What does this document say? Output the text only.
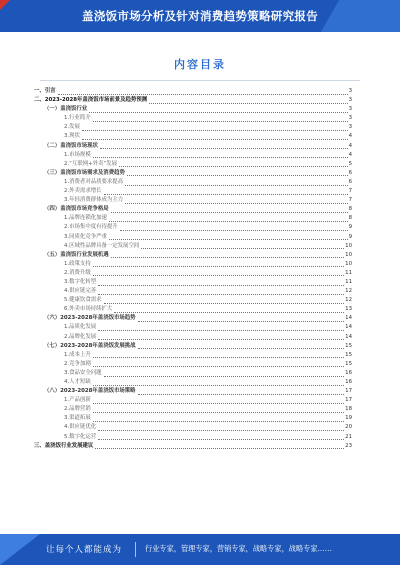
盖浇饭市场分析及针对消费趋势策略研究报告
内容目录
一、引言	3
二、2023-2028年盖浇饭市场前景及趋势预测	3
（一）盖浇饭行业	3
1.行业简介	3
2.发展	3
3.现状	4
（二）盖浇饭市场现状	4
1.市场规模	4
2.“互联网+外卖”发展	5
（三）盖浇饭市场需求及消费趋势	6
1.消费者对品质要求提高	6
2.外卖需求增长	7
3.年轻消费群体成为主力	7
（四）盖浇饭市场竞争格局	8
1.品牌连锁化加速	8
2.市场集中度有待提升	9
3.同质化竞争严重	9
4.区域性品牌具备一定发展空间	10
（五）盖浇饭行业发展机遇	10
1.政策支持	10
2.消费升级	11
3.数字化转型	11
4.供应链完善	12
5.健康饮食需求	12
6.外卖市场持续扩大	13
（六）2023-2028年盖浇饭市场趋势	14
1.品质化发展	14
2.品牌化发展	14
（七）2023-2028年盖浇饭发展挑战	15
1.成本上升	15
2.竞争加剧	15
3.食品安全问题	16
4.人才短缺	16
（八）2023-2028年盖浇饭市场策略	17
1.产品创新	17
2.品牌营销	18
3.渠道拓展	19
4.供应链优化	20
5.数字化运营	21
三、盖浇饭行业发展建议	23
让每个人都能成为	行业专家，管理专家，营销专家，战略专家，战略专家……
